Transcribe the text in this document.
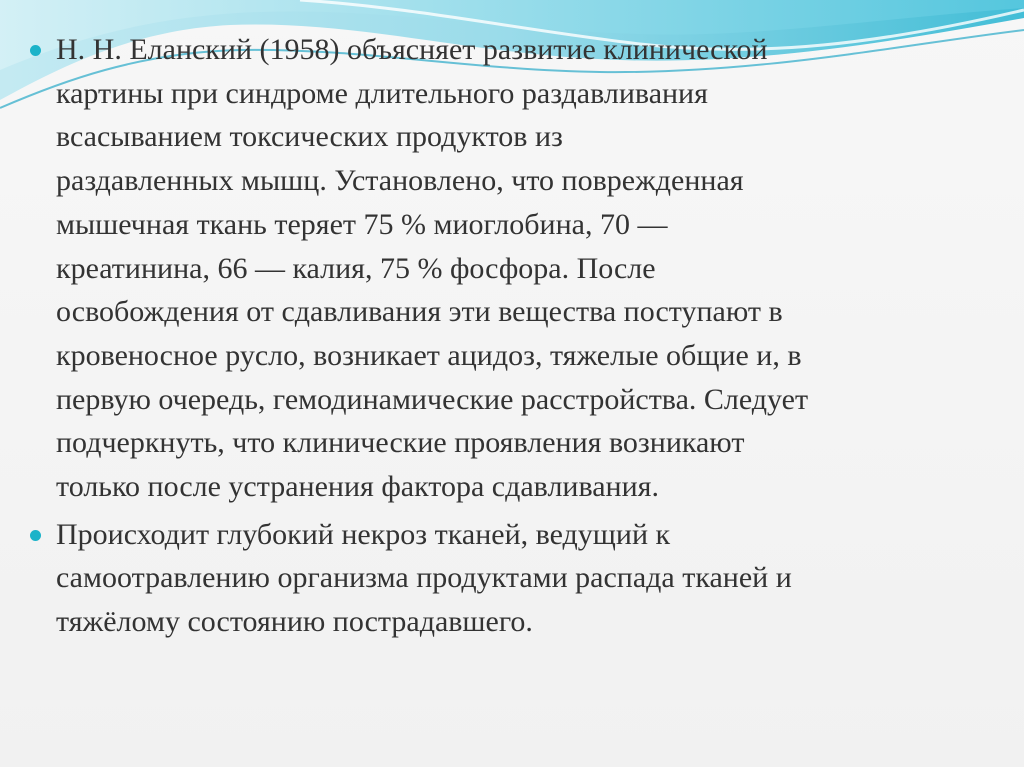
Н. Н. Еланский (1958) объясняет развитие клинической
картины при синдроме длительного раздавливания
всасыванием токсических продуктов из
раздавленных мышц. Установлено, что поврежденная
мышечная ткань теряет 75 % миоглобина, 70 —
креатинина, 66 — калия, 75 % фосфора. После
освобождения от сдавливания эти вещества поступают в
кровеносное русло, возникает ацидоз, тяжелые общие и, в
первую очередь, гемодинамические расстройства. Следует
подчеркнуть, что клинические проявления возникают
только после устранения фактора сдавливания.
Происходит глубокий некроз тканей, ведущий к
самоотравлению организма продуктами распада тканей и
тяжёлому состоянию пострадавшего.
